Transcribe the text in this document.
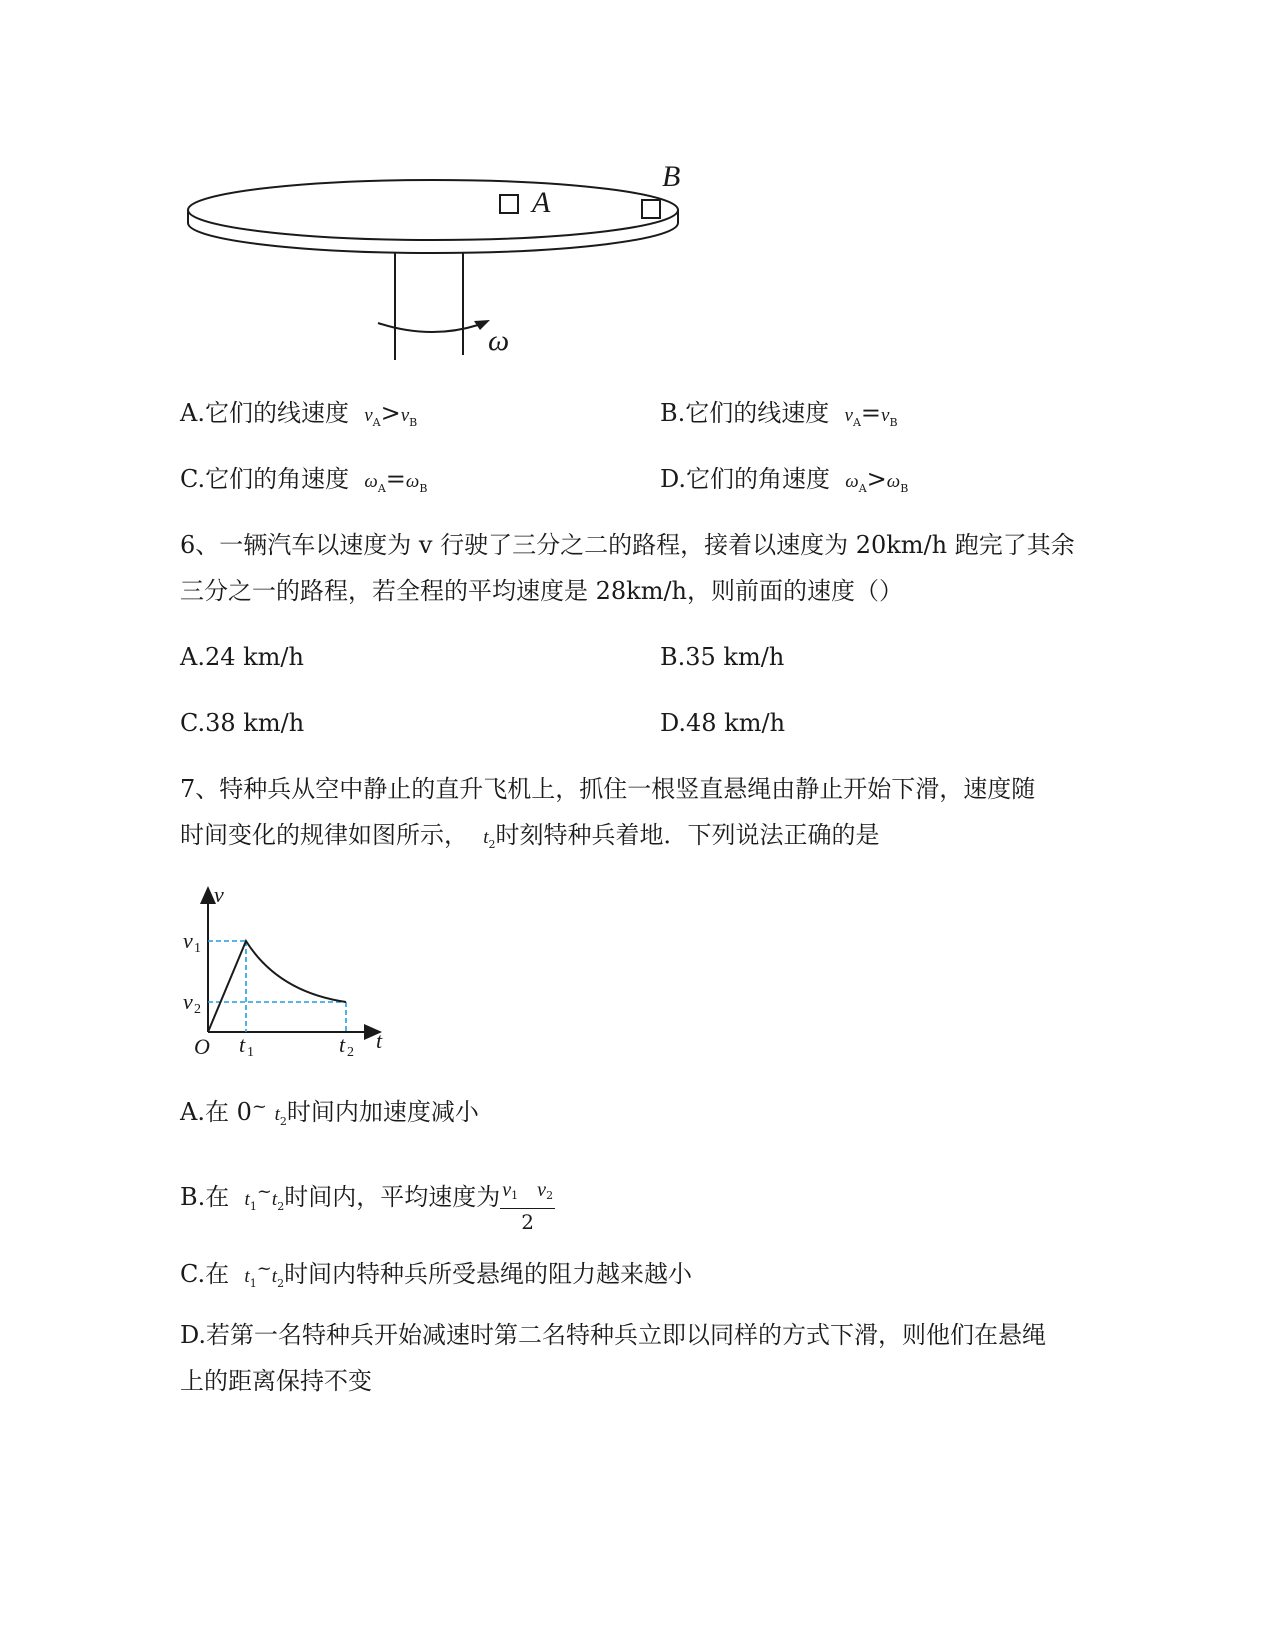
A
B
ω
A.它们的线速度 $v_A>v_B$	B.它们的线速度 $v_A=v_B$
C.它们的角速度 $\omega_A=\omega_B$	D.它们的角速度 $\omega_A>\omega_B$
6、一辆汽车以速度为 v 行驶了三分之二的路程，接着以速度为 20km/h 跑完了其余
三分之一的路程，若全程的平均速度是 28km/h，则前面的速度（）
A.24 km/h	B.35 km/h
C.38 km/h	D.48 km/h
7、特种兵从空中静止的直升飞机上，抓住一根竖直悬绳由静止开始下滑，速度随
时间变化的规律如图所示， $t_2$时刻特种兵着地．下列说法正确的是
v
t
O
v 1
v 2
t 1	t 2
A.在 0~ $t_2$时间内加速度减小
B.在  $t_1^\sim t_2$时间内，平均速度为 $\frac{v_1 v_2}{2}$
C.在  $t_1^\sim t_2$时间内特种兵所受悬绳的阻力越来越小
D.若第一名特种兵开始减速时第二名特种兵立即以同样的方式下滑，则他们在悬绳
上的距离保持不变
